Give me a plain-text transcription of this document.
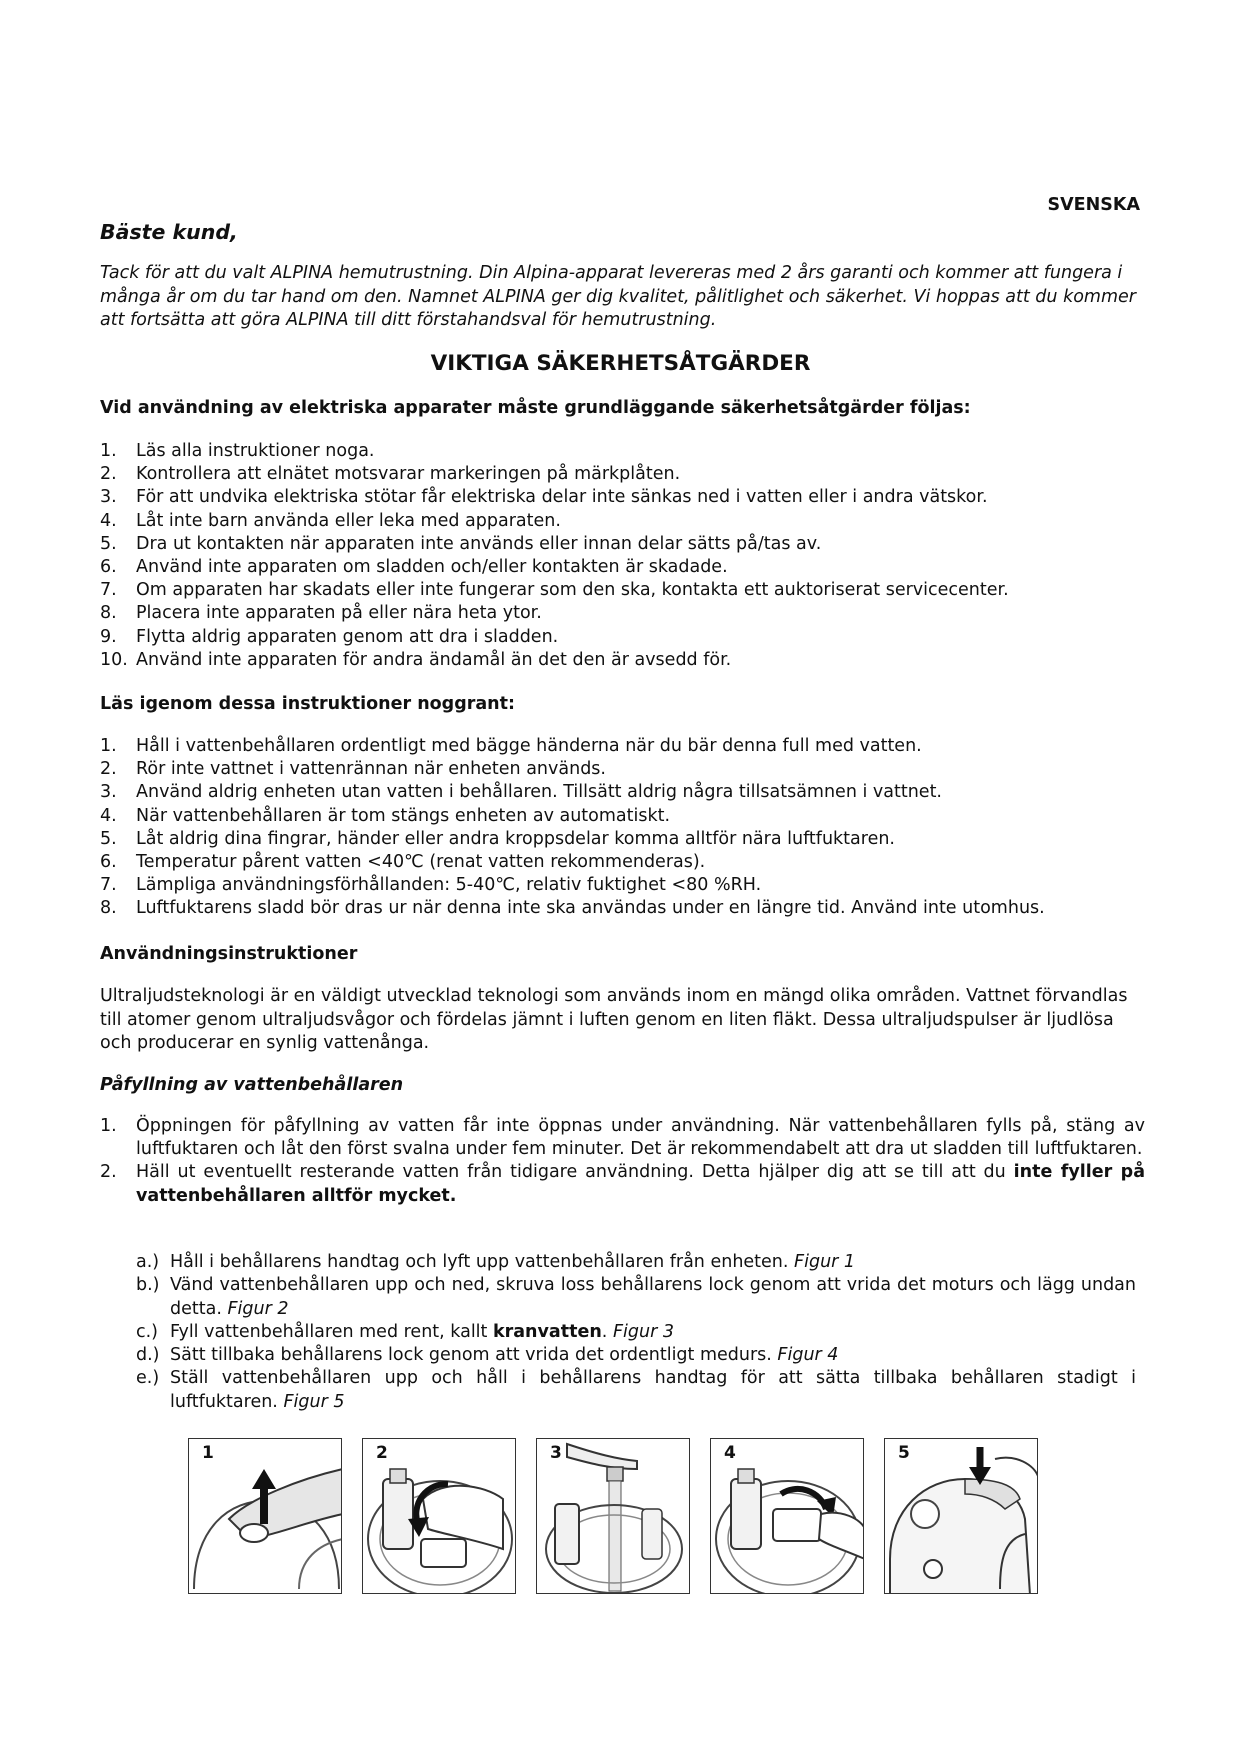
SVENSKA
Bäste kund,
Tack för att du valt ALPINA hemutrustning. Din Alpina-apparat levereras med 2 års garanti och kommer att fungera i många år om du tar hand om den. Namnet ALPINA ger dig kvalitet, pålitlighet och säkerhet. Vi hoppas att du kommer att fortsätta att göra ALPINA till ditt förstahandsval för hemutrustning.
VIKTIGA SÄKERHETSÅTGÄRDER
Vid användning av elektriska apparater måste grundläggande säkerhetsåtgärder följas:
1. Läs alla instruktioner noga.
2. Kontrollera att elnätet motsvarar markeringen på märkplåten.
3. För att undvika elektriska stötar får elektriska delar inte sänkas ned i vatten eller i andra vätskor.
4. Låt inte barn använda eller leka med apparaten.
5. Dra ut kontakten när apparaten inte används eller innan delar sätts på/tas av.
6. Använd inte apparaten om sladden och/eller kontakten är skadade.
7. Om apparaten har skadats eller inte fungerar som den ska, kontakta ett auktoriserat servicecenter.
8. Placera inte apparaten på eller nära heta ytor.
9. Flytta aldrig apparaten genom att dra i sladden.
10. Använd inte apparaten för andra ändamål än det den är avsedd för.
Läs igenom dessa instruktioner noggrant:
1. Håll i vattenbehållaren ordentligt med bägge händerna när du bär denna full med vatten.
2. Rör inte vattnet i vattenrännan när enheten används.
3. Använd aldrig enheten utan vatten i behållaren. Tillsätt aldrig några tillsatsämnen i vattnet.
4. När vattenbehållaren är tom stängs enheten av automatiskt.
5. Låt aldrig dina fingrar, händer eller andra kroppsdelar komma alltför nära luftfuktaren.
6. Temperatur pårent vatten <40℃ (renat vatten rekommenderas).
7. Lämpliga användningsförhållanden: 5-40℃, relativ fuktighet <80 %RH.
8. Luftfuktarens sladd bör dras ur när denna inte ska användas under en längre tid. Använd inte utomhus.
Användningsinstruktioner
Ultraljudsteknologi är en väldigt utvecklad teknologi som används inom en mängd olika områden. Vattnet förvandlas till atomer genom ultraljudsvågor och fördelas jämnt i luften genom en liten fläkt. Dessa ultraljudspulser är ljudlösa och producerar en synlig vattenånga.
Påfyllning av vattenbehållaren
1. Öppningen för påfyllning av vatten får inte öppnas under användning. När vattenbehållaren fylls på, stäng av luftfuktaren och låt den först svalna under fem minuter. Det är rekommendabelt att dra ut sladden till luftfuktaren.
2. Häll ut eventuellt resterande vatten från tidigare användning. Detta hjälper dig att se till att du inte fyller på vattenbehållaren alltför mycket.
a.) Håll i behållarens handtag och lyft upp vattenbehållaren från enheten. Figur 1
b.) Vänd vattenbehållaren upp och ned, skruva loss behållarens lock genom att vrida det moturs och lägg undan detta. Figur 2
c.) Fyll vattenbehållaren med rent, kallt kranvatten. Figur 3
d.) Sätt tillbaka behållarens lock genom att vrida det ordentligt medurs. Figur 4
e.) Ställ vattenbehållaren upp och håll i behållarens handtag för att sätta tillbaka behållaren stadigt i luftfuktaren. Figur 5
1	2	3	4	5
